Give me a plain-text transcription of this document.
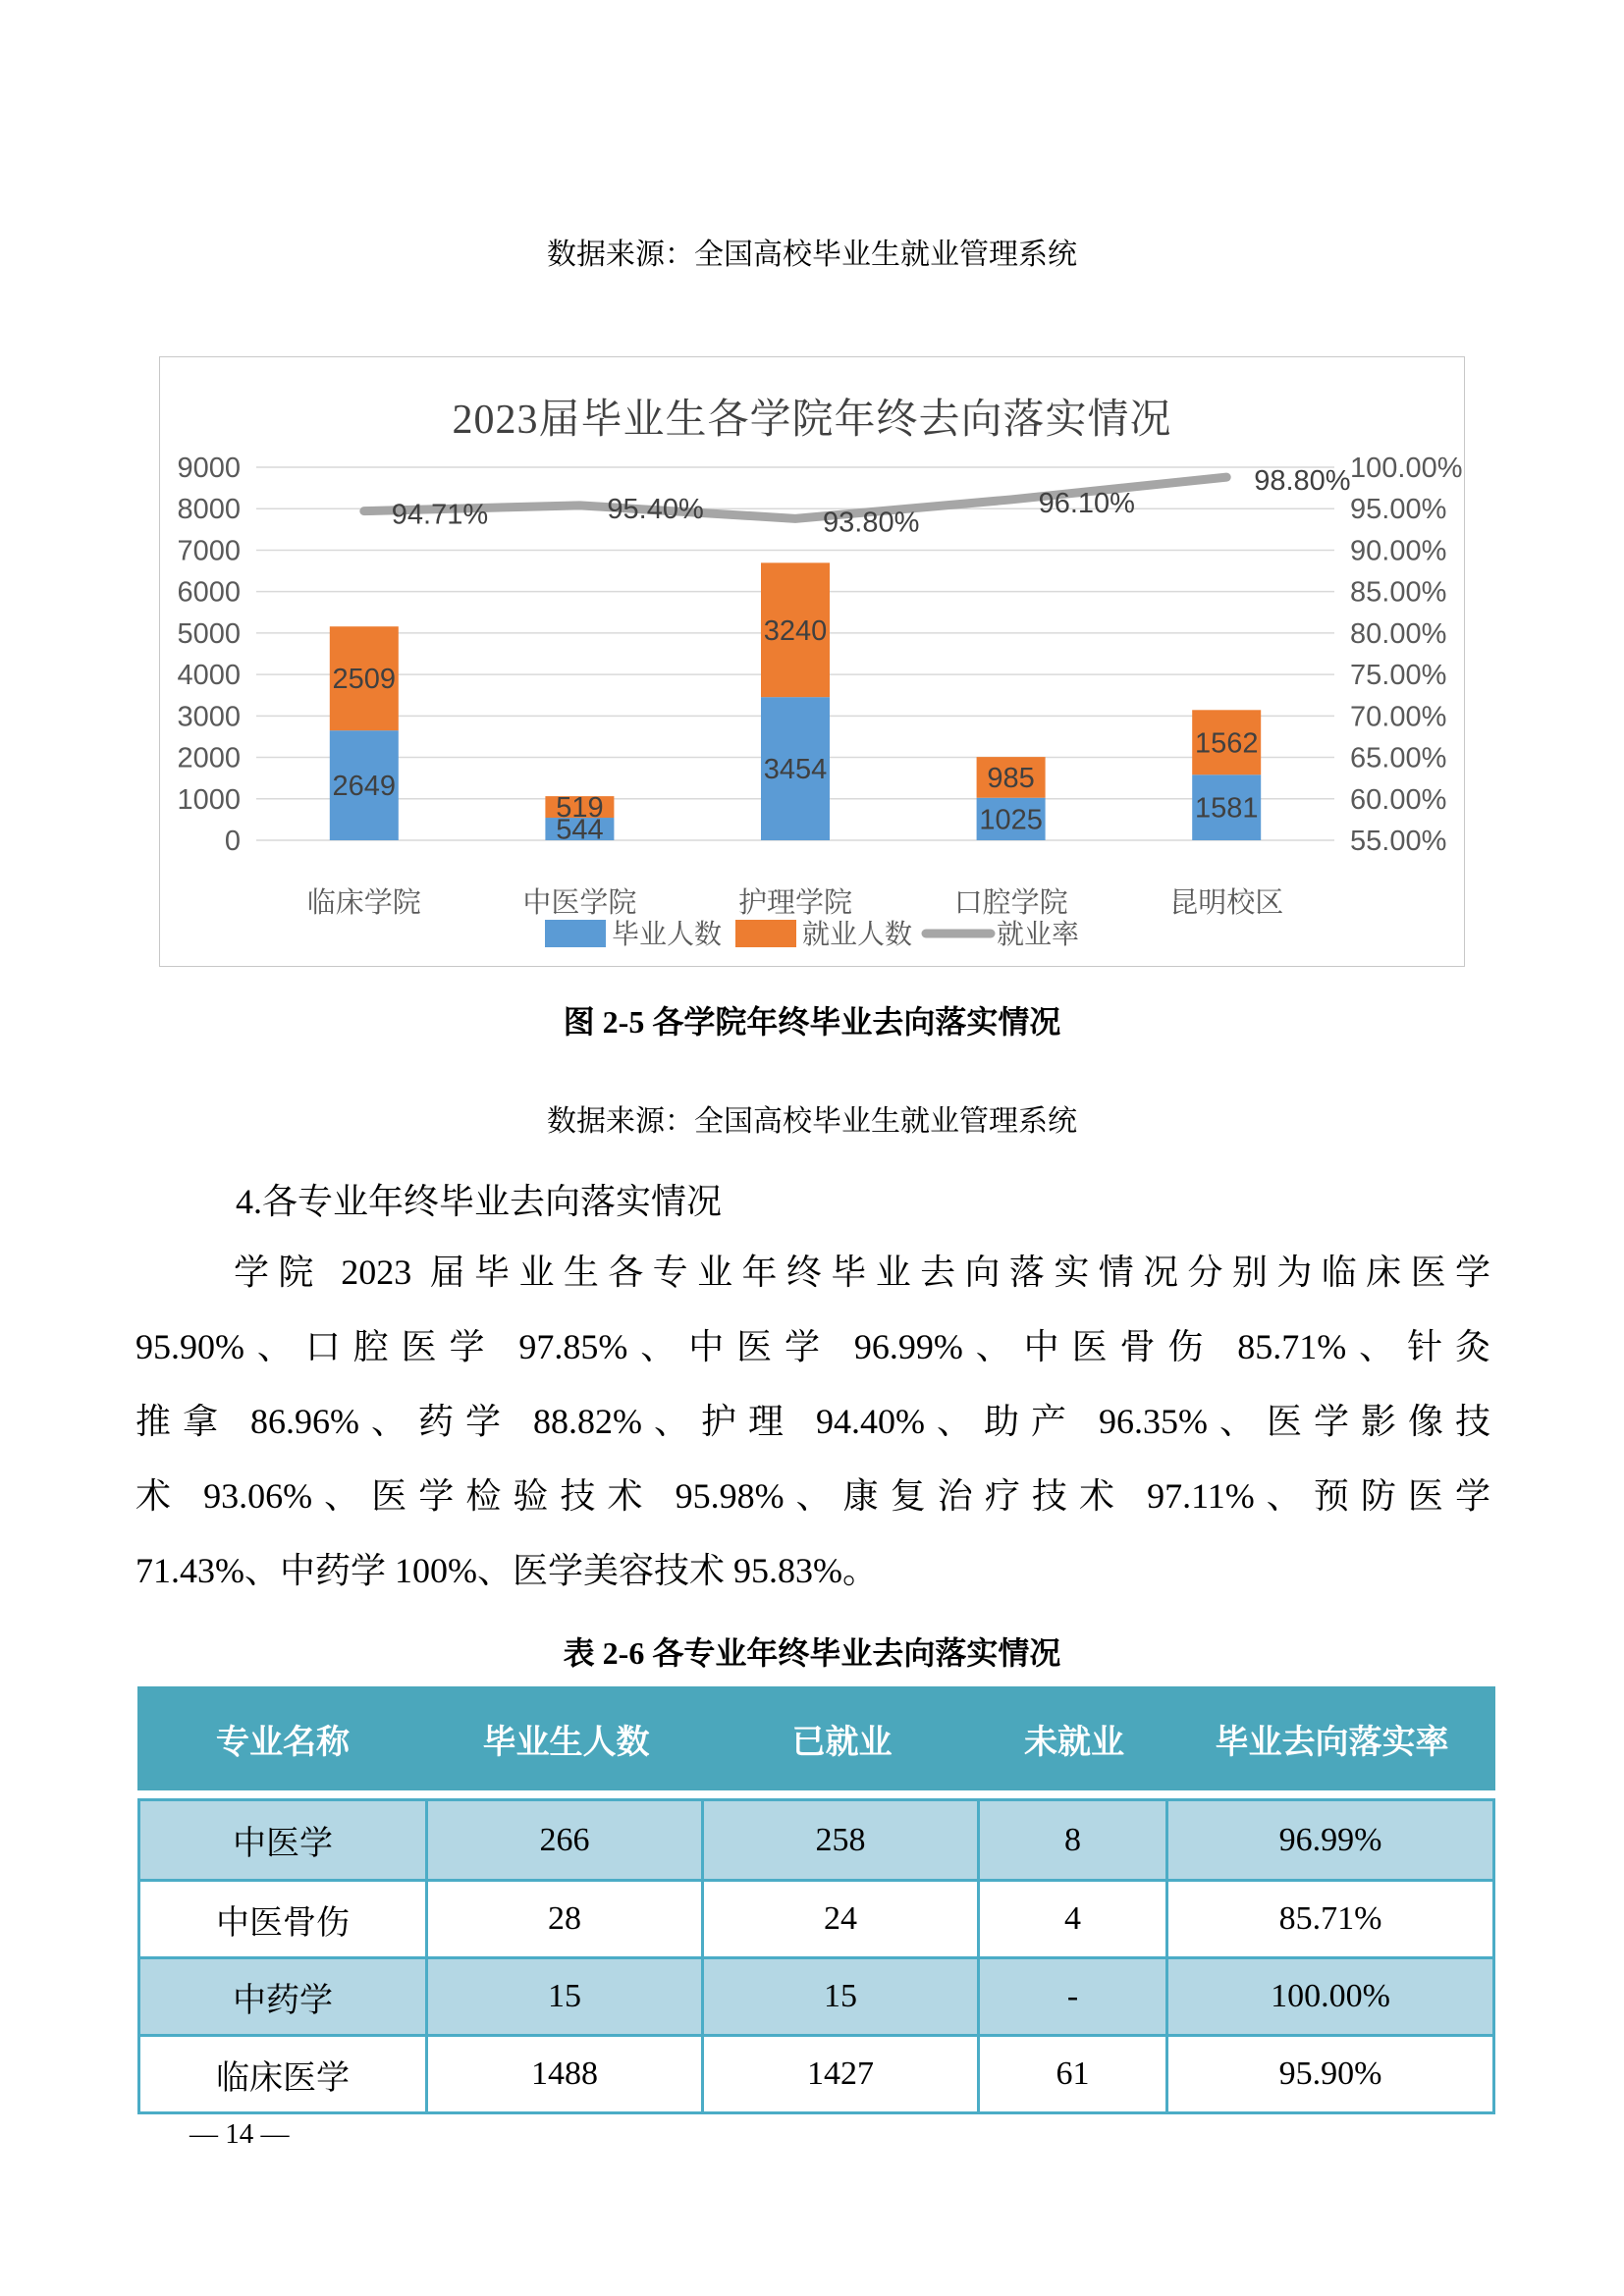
数据来源：全国高校毕业生就业管理系统
0	55.00%
1000	60.00%
2000	65.00%
3000	70.00%
4000	75.00%
5000	80.00%
6000	85.00%
7000	90.00%
8000	95.00%
9000	100.00%
2649
2509
544
519
3454
3240
1025
985
1581
1562
94.71%	95.40%	93.80%
96.10%
98.80%
临床学院	中医学院	护理学院	口腔学院	昆明校区
毕业人数	就业人数	就业率
2023届毕业生各学院年终去向落实情况
图 2-5 各学院年终毕业去向落实情况
数据来源：全国高校毕业生就业管理系统
4.各专业年终毕业去向落实情况
学院 2023 届毕业生各专业年终毕业去向落实情况分别为临床医学
95.90%、口腔医学 97.85%、中医学 96.99%、中医骨伤 85.71%、针灸
推拿 86.96%、药学 88.82%、护理 94.40%、助产 96.35%、医学影像技
术 93.06%、医学检验技术 95.98%、康复治疗技术 97.11%、预防医学
71.43%、中药学 100%、医学美容技术 95.83%。
表 2-6 各专业年终毕业去向落实情况
专业名称	毕业生人数	已就业	未就业	毕业去向落实率
中医学	266	258	8	96.99%
中医骨伤	28	24	4	85.71%
中药学	15	15	-	100.00%
临床医学	1488	1427	61	95.90%
— 14 —
